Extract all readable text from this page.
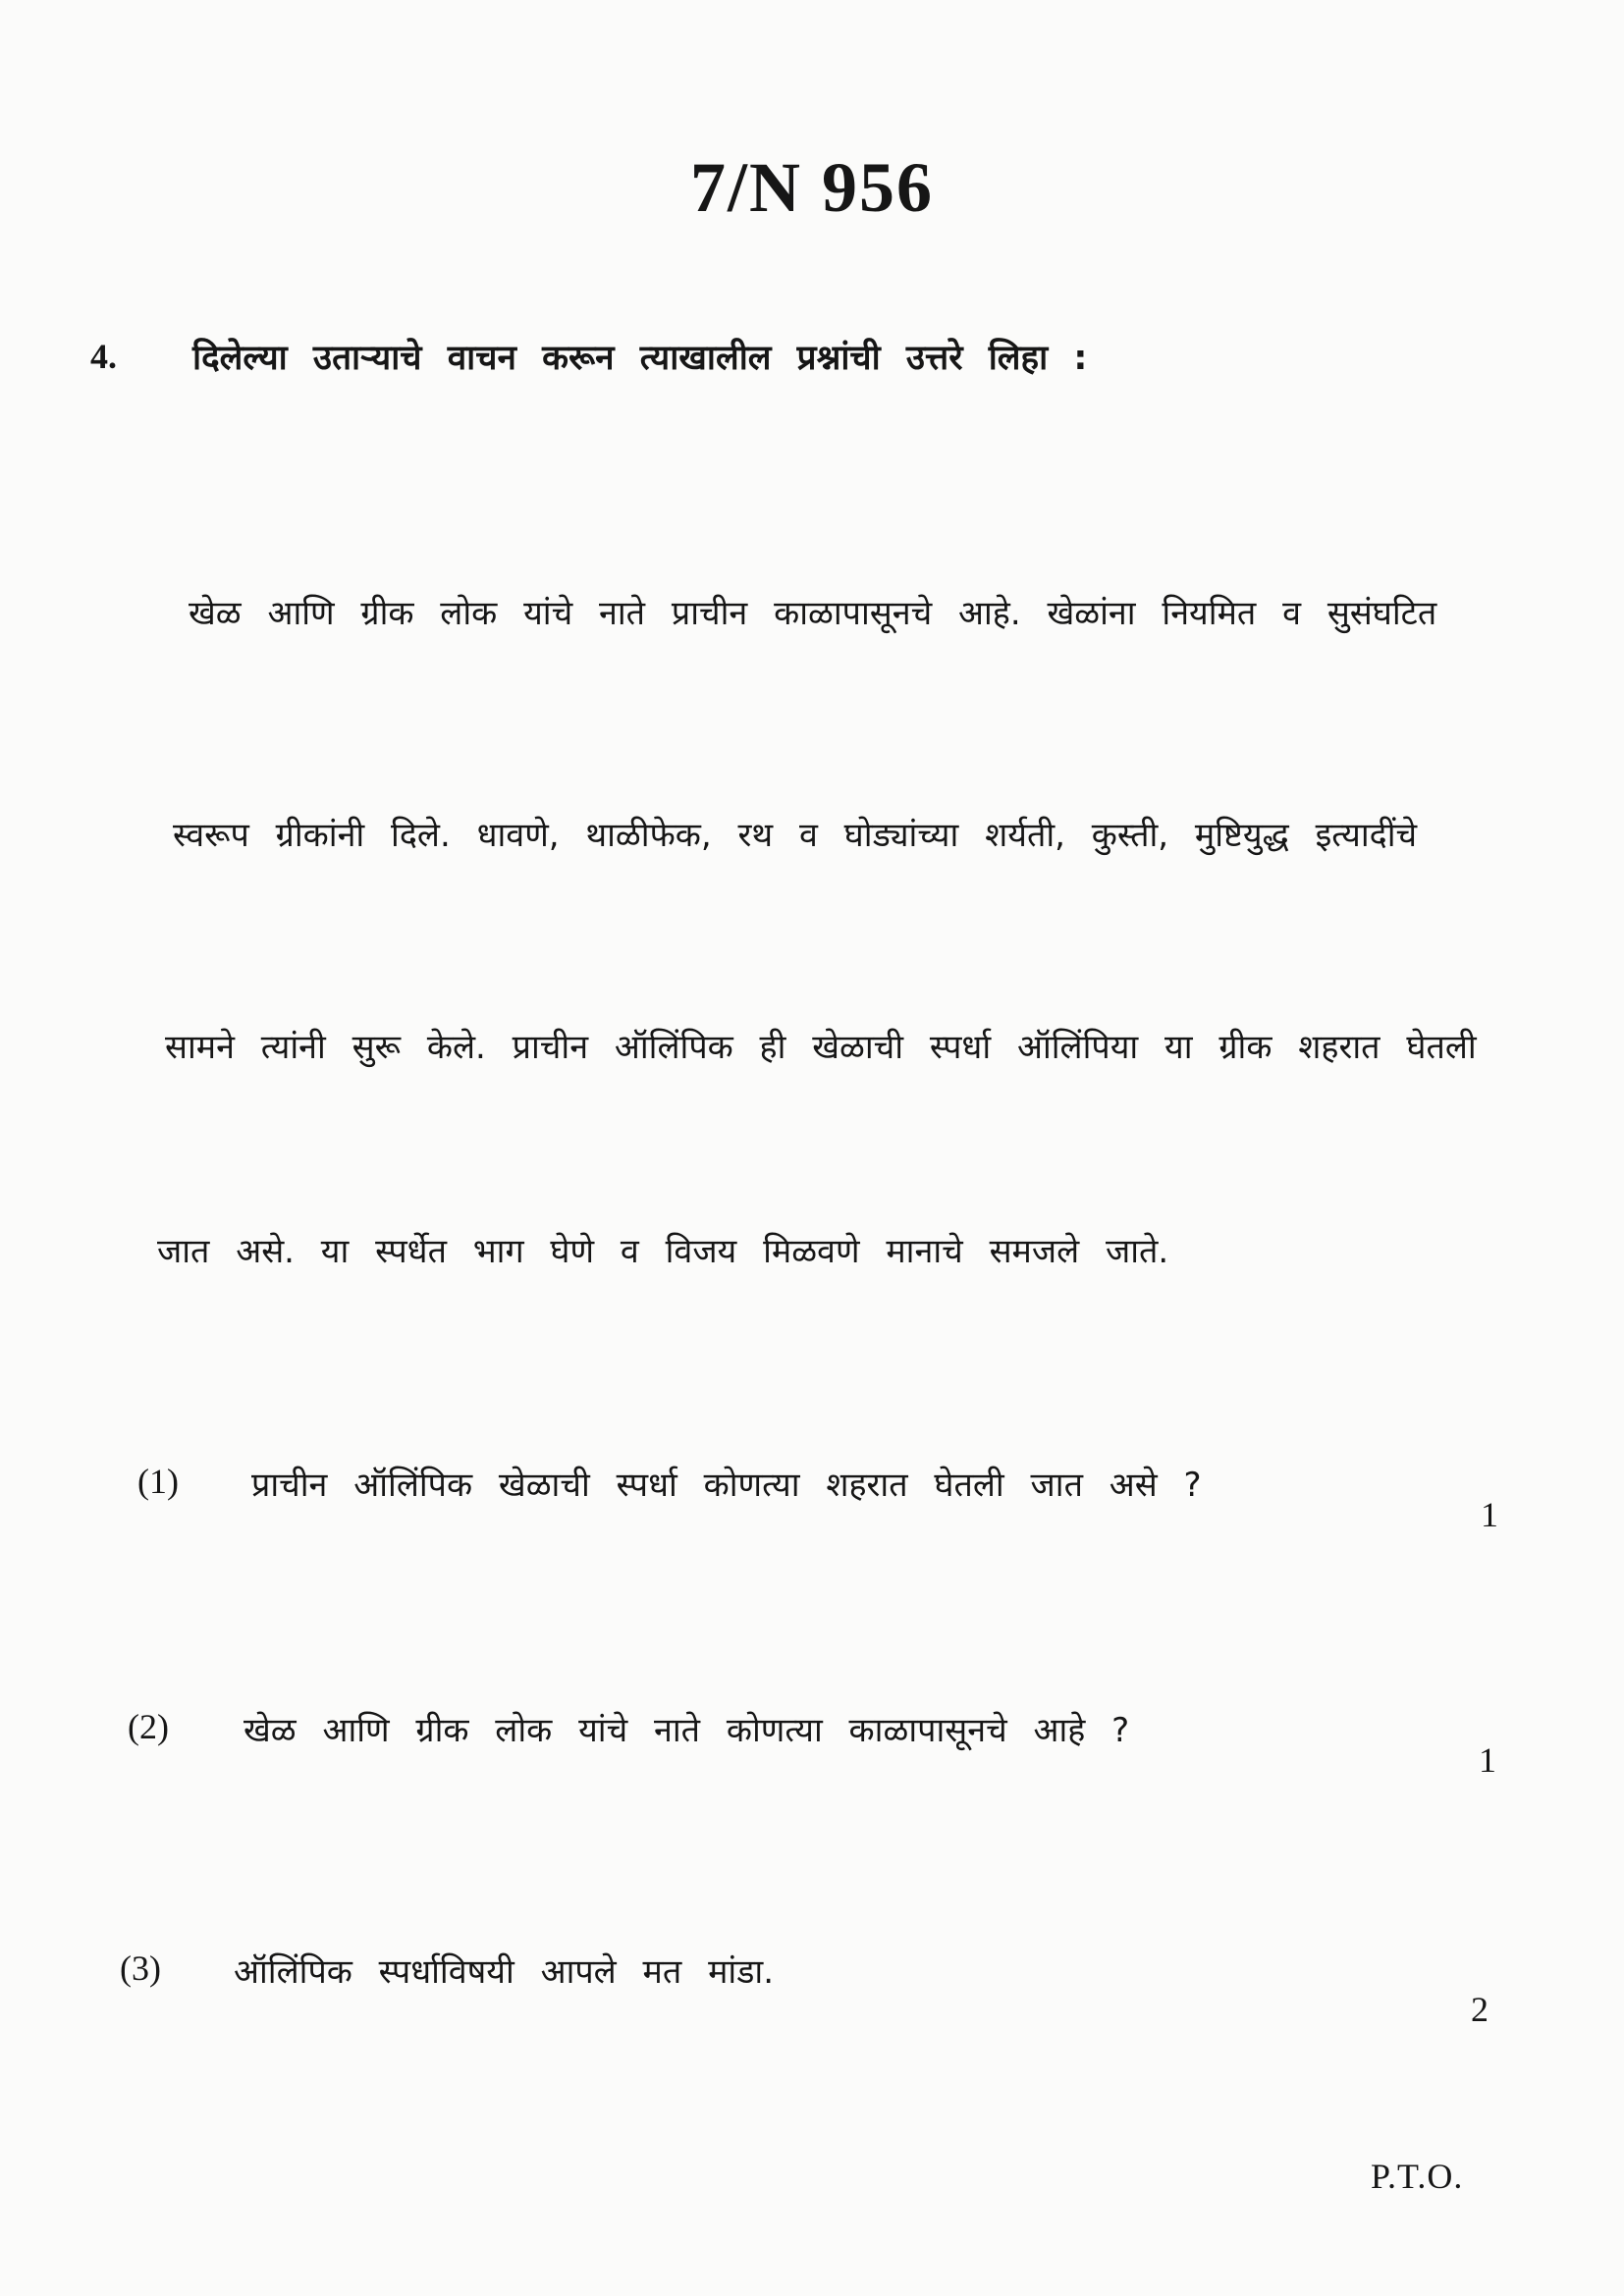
7/N 956
4. दिलेल्या उताऱ्याचे वाचन करून त्याखालील प्रश्नांची उत्तरे लिहा :
खेळ आणि ग्रीक लोक यांचे नाते प्राचीन काळापासूनचे आहे. खेळांना नियमित व सुसंघटित
स्वरूप ग्रीकांनी दिले. धावणे, थाळीफेक, रथ व घोड्यांच्या शर्यती, कुस्ती, मुष्टियुद्ध इत्यादींचे
सामने त्यांनी सुरू केले. प्राचीन ऑलिंपिक ही खेळाची स्पर्धा ऑलिंपिया या ग्रीक शहरात घेतली
जात असे. या स्पर्धेत भाग घेणे व विजय मिळवणे मानाचे समजले जाते.
(1) प्राचीन ऑलिंपिक खेळाची स्पर्धा कोणत्या शहरात घेतली जात असे ?
1
(2) खेळ आणि ग्रीक लोक यांचे नाते कोणत्या काळापासूनचे आहे ?
1
(3) ऑलिंपिक स्पर्धाविषयी आपले मत मांडा.
2
P.T.O.
